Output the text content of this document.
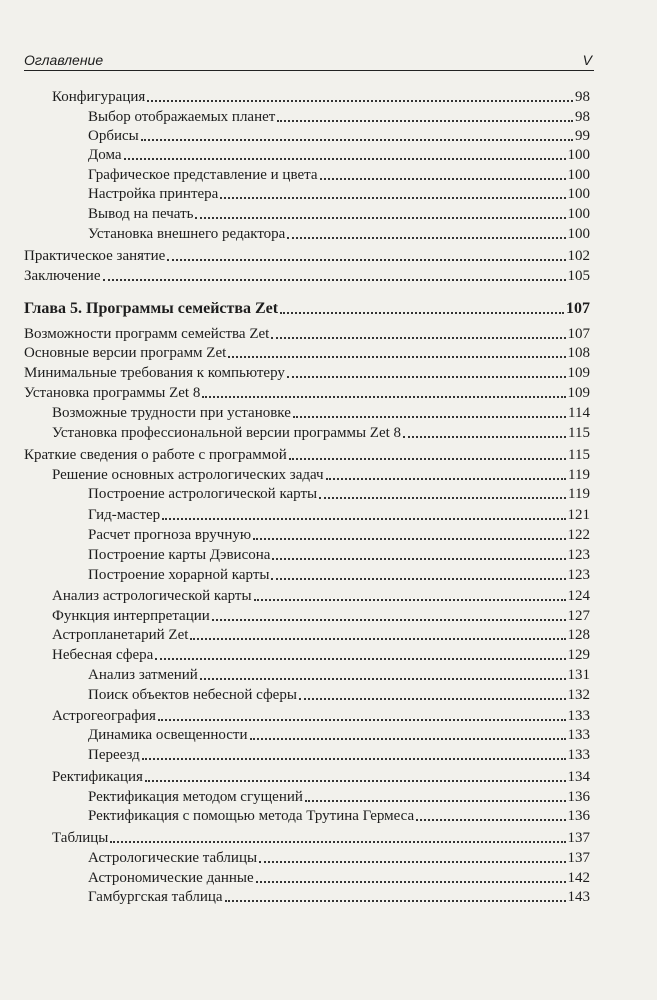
Оглавление	V
Конфигурация	98
Выбор отображаемых планет	98
Орбисы	99
Дома	100
Графическое представление и цвета	100
Настройка принтера	100
Вывод на печать	100
Установка внешнего редактора	100
Практическое занятие	102
Заключение	105
Глава 5. Программы семейства Zet	107
Возможности программ семейства Zet	107
Основные версии программ Zet	108
Минимальные требования к компьютеру	109
Установка программы Zet 8	109
Возможные трудности при установке	114
Установка профессиональной версии программы Zet 8	115
Краткие сведения о работе с программой	115
Решение основных астрологических задач	119
Построение астрологической карты	119
Гид-мастер	121
Расчет прогноза вручную	122
Построение карты Дэвисона	123
Построение хорарной карты	123
Анализ астрологической карты	124
Функция интерпретации	127
Астропланетарий Zet	128
Небесная сфера	129
Анализ затмений	131
Поиск объектов небесной сферы	132
Астрогеография	133
Динамика освещенности	133
Переезд	133
Ректификация	134
Ректификация методом сгущений	136
Ректификация с помощью метода Трутина Гермеса	136
Таблицы	137
Астрологические таблицы	137
Астрономические данные	142
Гамбургская таблица	143
